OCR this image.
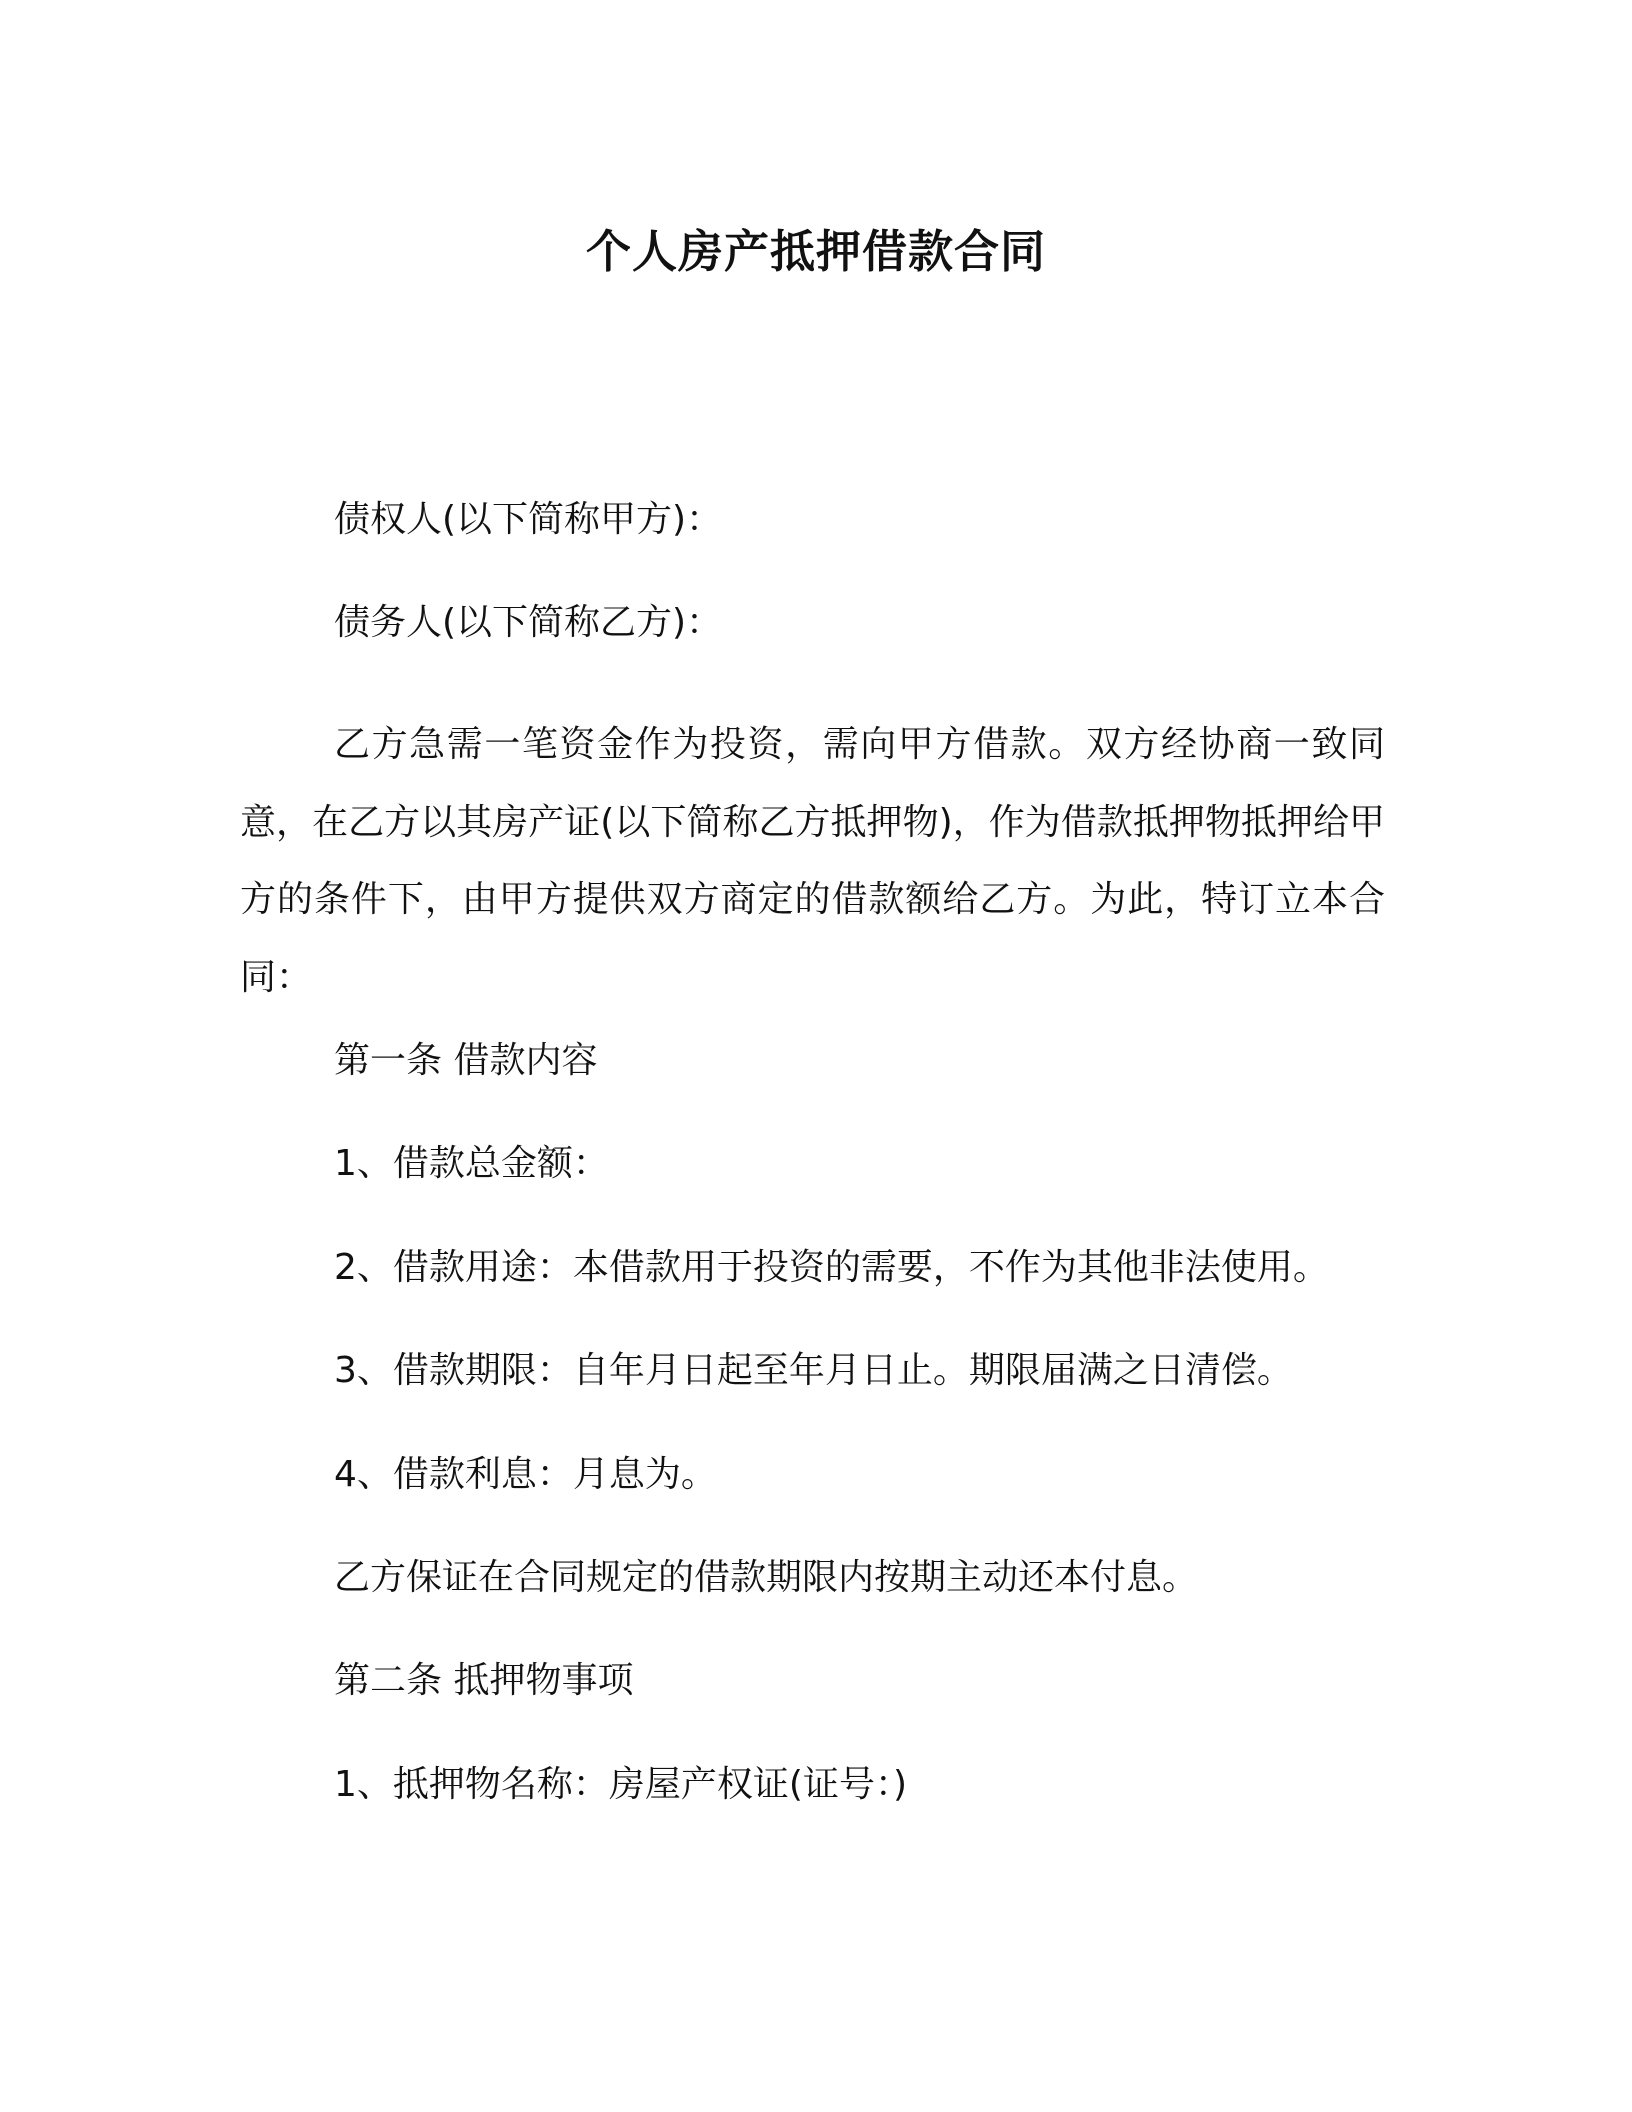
个人房产抵押借款合同
债权人(以下简称甲方)：
债务人(以下简称乙方)：
乙方急需一笔资金作为投资，需向甲方借款。双方经协商一致同意，在乙方以其房产证(以下简称乙方抵押物)，作为借款抵押物抵押给甲方的条件下，由甲方提供双方商定的借款额给乙方。为此，特订立本合同：
第一条 借款内容
1、借款总金额：
2、借款用途：本借款用于投资的需要，不作为其他非法使用。
3、借款期限：自年月日起至年月日止。期限届满之日清偿。
4、借款利息：月息为。
乙方保证在合同规定的借款期限内按期主动还本付息。
第二条 抵押物事项
1、抵押物名称：房屋产权证(证号：)
